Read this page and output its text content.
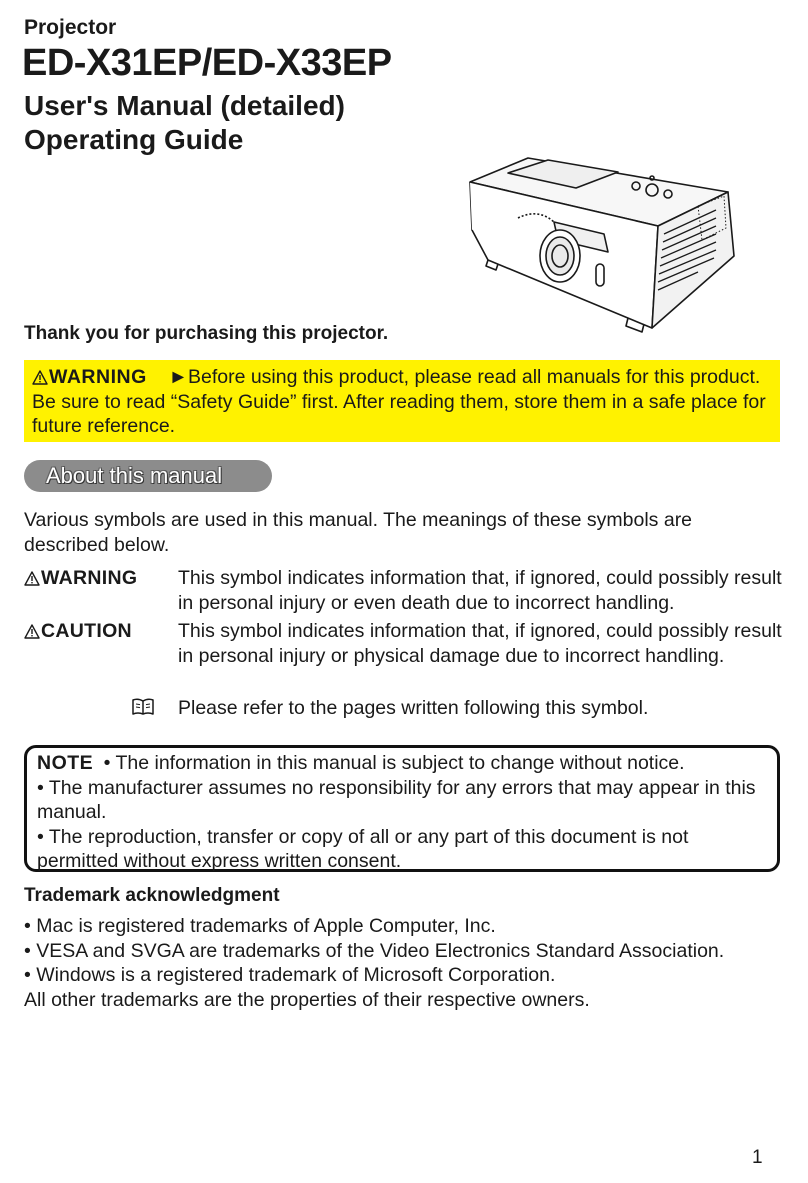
Projector
ED-X31EP/ED-X33EP
User's Manual (detailed)
Operating Guide
Thank you for purchasing this projector.
WARNING ►Before using this product, please read all manuals for this product. Be sure to read “Safety Guide” first. After reading them, store them in a safe place for future reference.
About this manual
Various symbols are used in this manual. The meanings of these symbols are described below.
WARNING This symbol indicates information that, if ignored, could possibly result in personal injury or even death due to incorrect handling.
CAUTION This symbol indicates information that, if ignored, could possibly result in personal injury or physical damage due to incorrect handling.
Please refer to the pages written following this symbol.
NOTE • The information in this manual is subject to change without notice.
• The manufacturer assumes no responsibility for any errors that may appear in this manual.
• The reproduction, transfer or copy of all or any part of this document is not permitted without express written consent.
Trademark acknowledgment
• Mac is registered trademarks of Apple Computer, Inc.
• VESA and SVGA are trademarks of the Video Electronics Standard Association.
• Windows is a registered trademark of Microsoft Corporation.
All other trademarks are the properties of their respective owners.
1
